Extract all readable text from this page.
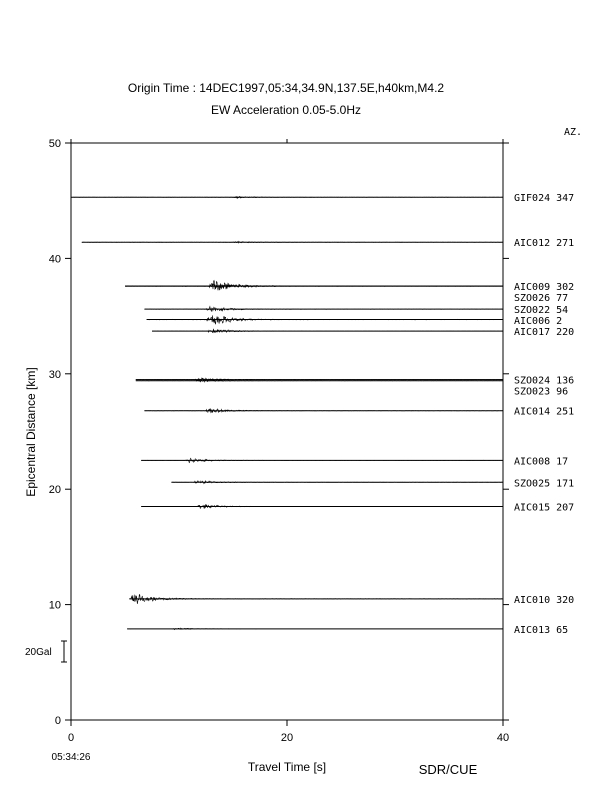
Origin Time : 14DEC1997,05:34,34.9N,137.5E,h40km,M4.2
EW Acceleration 0.05-5.0Hz
AZ.
0
10
20
30
40
50
0	20	40
GIF024 347
AIC012 271
AIC009 302
SZO026 77
SZO022 54
AIC006 2
AIC017 220
SZO024 136
SZO023 96
AIC014 251
AIC008 17
SZO025 171
AIC015 207
AIC010 320
AIC013 65
20Gal
Epicentral Distance [km]
Travel Time [s]
05:34:26
SDR/CUE
